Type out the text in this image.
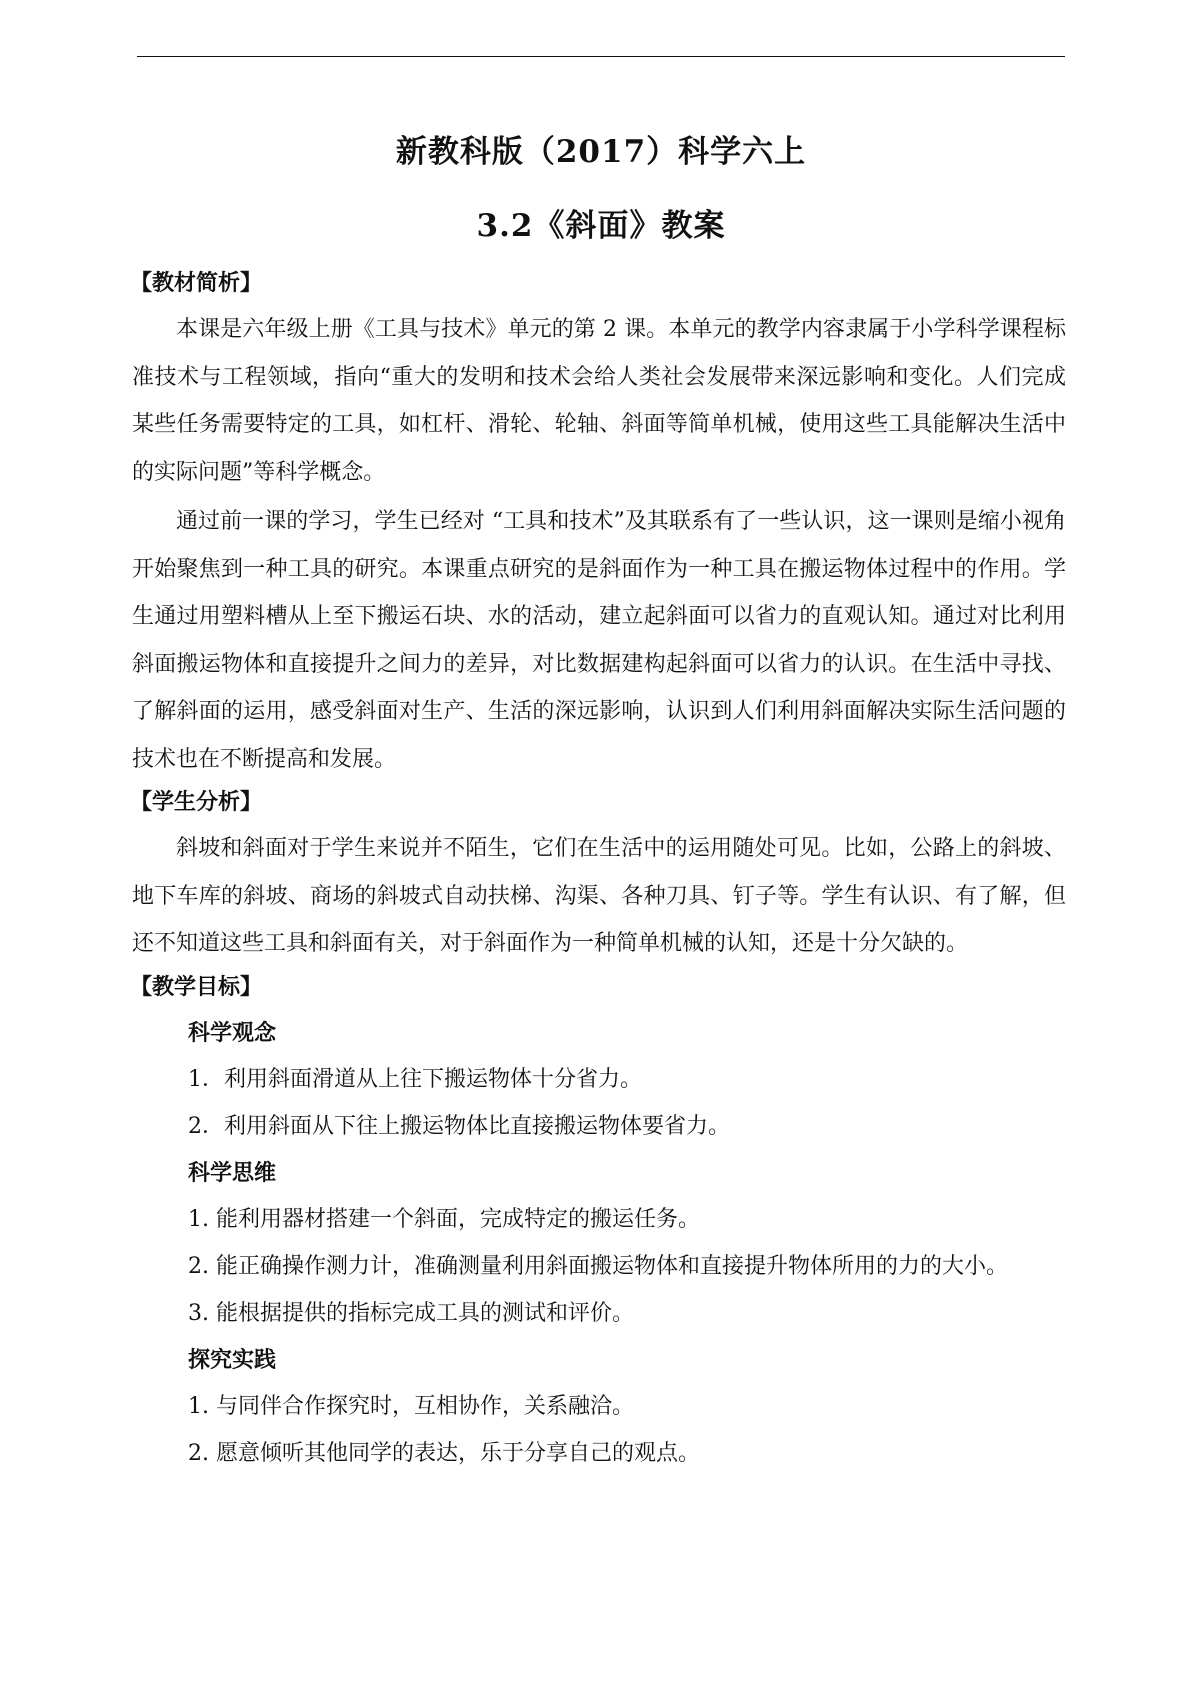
新教科版（2017）科学六上
3.2《斜面》教案
【教材简析】

本课是六年级上册《工具与技术》单元的第 2 课。本单元的教学内容隶属于小学科学课程标准技术与工程领域，指向“重大的发明和技术会给人类社会发展带来深远影响和变化。人们完成某些任务需要特定的工具，如杠杆、滑轮、轮轴、斜面等简单机械，使用这些工具能解决生活中的实际问题”等科学概念。

通过前一课的学习，学生已经对 “工具和技术”及其联系有了一些认识，这一课则是缩小视角开始聚焦到一种工具的研究。本课重点研究的是斜面作为一种工具在搬运物体过程中的作用。学生通过用塑料槽从上至下搬运石块、水的活动，建立起斜面可以省力的直观认知。通过对比利用斜面搬运物体和直接提升之间力的差异，对比数据建构起斜面可以省力的认识。在生活中寻找、了解斜面的运用，感受斜面对生产、生活的深远影响，认识到人们利用斜面解决实际生活问题的技术也在不断提高和发展。

【学生分析】

斜坡和斜面对于学生来说并不陌生，它们在生活中的运用随处可见。比如，公路上的斜坡、地下车库的斜坡、商场的斜坡式自动扶梯、沟渠、各种刀具、钉子等。学生有认识、有了解，但还不知道这些工具和斜面有关，对于斜面作为一种简单机械的认知，还是十分欠缺的。

【教学目标】
科学观念
1．利用斜面滑道从上往下搬运物体十分省力。
2．利用斜面从下往上搬运物体比直接搬运物体要省力。
科学思维
1. 能利用器材搭建一个斜面，完成特定的搬运任务。
2. 能正确操作测力计，准确测量利用斜面搬运物体和直接提升物体所用的力的大小。
3. 能根据提供的指标完成工具的测试和评价。
探究实践
1. 与同伴合作探究时，互相协作，关系融洽。
2. 愿意倾听其他同学的表达，乐于分享自己的观点。
